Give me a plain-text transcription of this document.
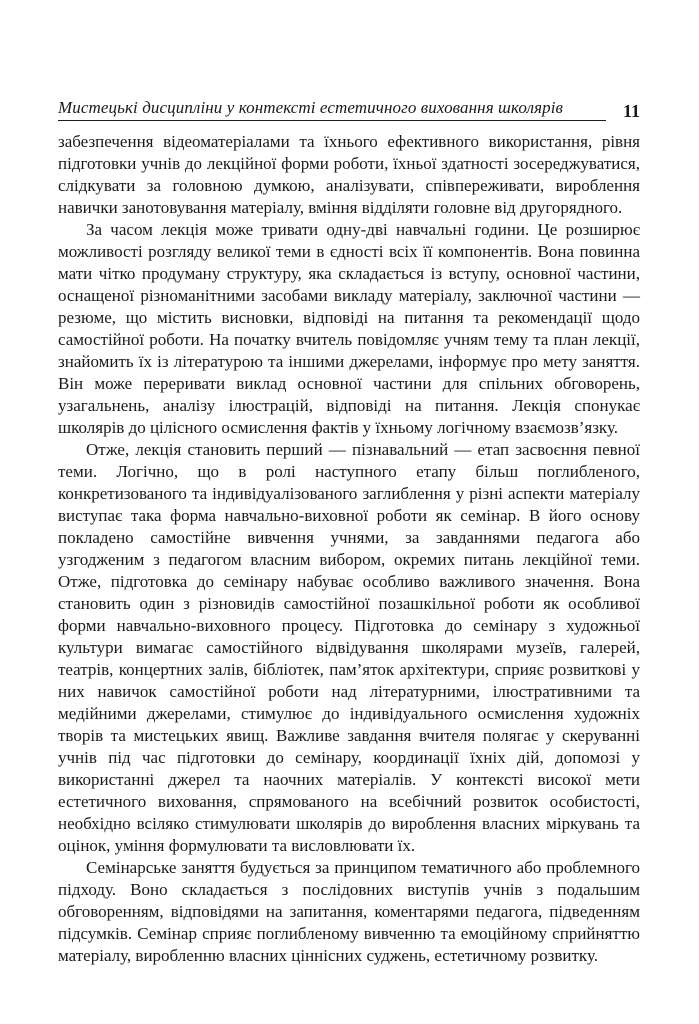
Мистецькі дисципліни у контексті естетичного виховання школярів	11

забезпечення відеоматеріалами та їхнього ефективного використання, рівня підготовки учнів до лекційної форми роботи, їхньої здатності зосереджуватися, слідкувати за головною думкою, аналізувати, співпереживати, вироблення навички занотовування матеріалу, вміння відділяти головне від другорядного.

За часом лекція може тривати одну-дві навчальні години. Це розширює можливості розгляду великої теми в єдності всіх її компонентів. Вона повинна мати чітко продуману структуру, яка складається із вступу, основної частини, оснащеної різноманітними засобами викладу матеріалу, заключної частини — резюме, що містить висновки, відповіді на питання та рекомендації щодо самостійної роботи. На початку вчитель повідомляє учням тему та план лекції, знайомить їх із літературою та іншими джерелами, інформує про мету заняття. Він може переривати виклад основної частини для спільних обговорень, узагальнень, аналізу ілюстрацій, відповіді на питання. Лекція спонукає школярів до цілісного осмислення фактів у їхньому логічному взаємозв’язку.

Отже, лекція становить перший — пізнавальний — етап засвоєння певної теми. Логічно, що в ролі наступного етапу більш поглибленого, конкретизованого та індивідуалізованого заглиблення у різні аспекти матеріалу виступає така форма навчально-виховної роботи як семінар. В його основу покладено самостійне вивчення учнями, за завданнями педагога або узгодженим з педагогом власним вибором, окремих питань лекційної теми. Отже, підготовка до семінару набуває особливо важливого значення. Вона становить один з різновидів самостійної позашкільної роботи як особливої форми навчально-виховного процесу. Підготовка до семінару з художньої культури вимагає самостійного відвідування школярами музеїв, галерей, театрів, концертних залів, бібліотек, пам’яток архітектури, сприяє розвиткові у них навичок самостійної роботи над літературними, ілюстративними та медійними джерелами, стимулює до індивідуального осмислення художніх творів та мистецьких явищ. Важливе завдання вчителя полягає у скеруванні учнів під час підготовки до семінару, координації їхніх дій, допомозі у використанні джерел та наочних матеріалів. У контексті високої мети естетичного виховання, спрямованого на всебічний розвиток особистості, необхідно всіляко стимулювати школярів до вироблення власних міркувань та оцінок, уміння формулювати та висловлювати їх.

Семінарське заняття будується за принципом тематичного або проблемного підходу. Воно складається з послідовних виступів учнів з подальшим обговоренням, відповідями на запитання, коментарями педагога, підведенням підсумків. Семінар сприяє поглибленому вивченню та емоційному сприйняттю матеріалу, виробленню власних ціннісних суджень, естетичному розвитку.
